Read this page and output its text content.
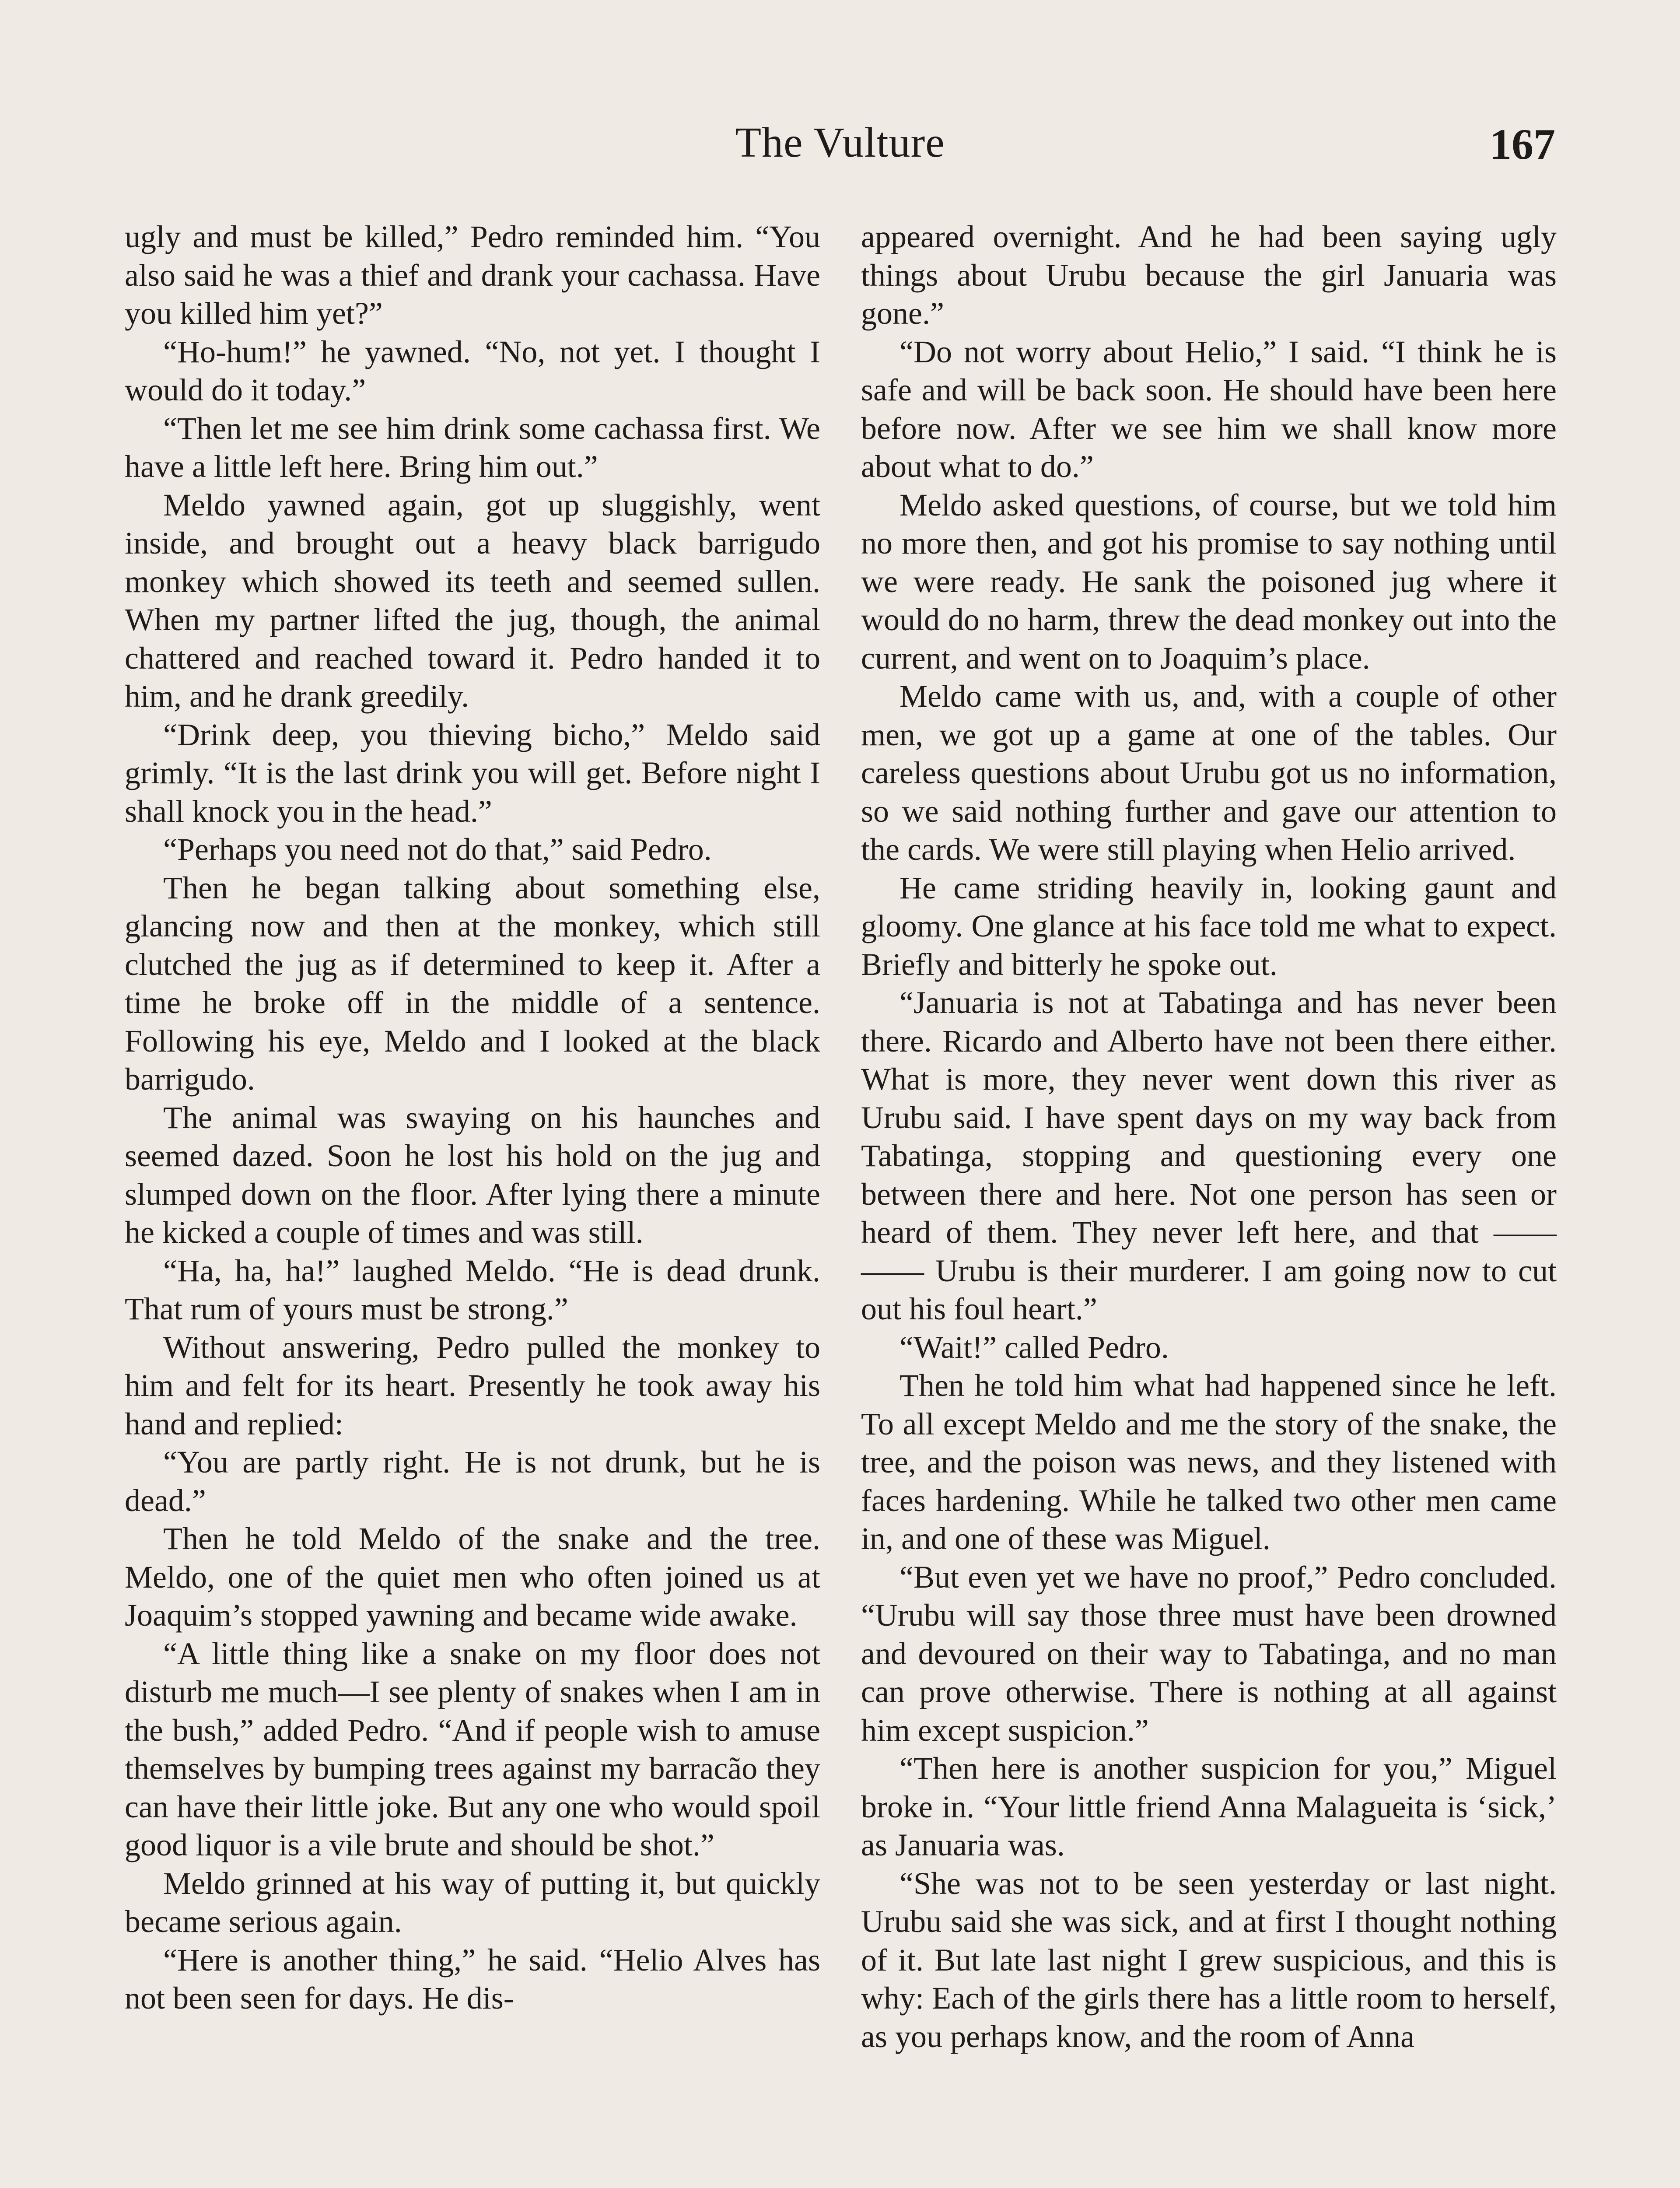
The Vulture	167

ugly and must be killed,” Pedro reminded him. “You also said he was a thief and drank your cachassa. Have you killed him yet?”

“Ho-hum!” he yawned. “No, not yet. I thought I would do it today.”

“Then let me see him drink some cachassa first. We have a little left here. Bring him out.”

Meldo yawned again, got up sluggishly, went inside, and brought out a heavy black barrigudo monkey which showed its teeth and seemed sullen. When my partner lifted the jug, though, the animal chattered and reached toward it. Pedro handed it to him, and he drank greedily.

“Drink deep, you thieving bicho,” Meldo said grimly. “It is the last drink you will get. Before night I shall knock you in the head.”

“Perhaps you need not do that,” said Pedro.

Then he began talking about something else, glancing now and then at the monkey, which still clutched the jug as if determined to keep it. After a time he broke off in the middle of a sentence. Following his eye, Meldo and I looked at the black barrigudo.

The animal was swaying on his haunches and seemed dazed. Soon he lost his hold on the jug and slumped down on the floor. After lying there a minute he kicked a couple of times and was still.

“Ha, ha, ha!” laughed Meldo. “He is dead drunk. That rum of yours must be strong.”

Without answering, Pedro pulled the monkey to him and felt for its heart. Presently he took away his hand and replied:

“You are partly right. He is not drunk, but he is dead.”

Then he told Meldo of the snake and the tree. Meldo, one of the quiet men who often joined us at Joaquim’s stopped yawning and became wide awake.

“A little thing like a snake on my floor does not disturb me much—I see plenty of snakes when I am in the bush,” added Pedro. “And if people wish to amuse themselves by bumping trees against my barracão they can have their little joke. But any one who would spoil good liquor is a vile brute and should be shot.”

Meldo grinned at his way of putting it, but quickly became serious again.

“Here is another thing,” he said. “Helio Alves has not been seen for days. He dis-

appeared overnight. And he had been saying ugly things about Urubu because the girl Januaria was gone.”

“Do not worry about Helio,” I said. “I think he is safe and will be back soon. He should have been here before now. After we see him we shall know more about what to do.”

Meldo asked questions, of course, but we told him no more then, and got his promise to say nothing until we were ready. He sank the poisoned jug where it would do no harm, threw the dead monkey out into the current, and went on to Joaquim’s place.

Meldo came with us, and, with a couple of other men, we got up a game at one of the tables. Our careless questions about Urubu got us no information, so we said nothing further and gave our attention to the cards. We were still playing when Helio arrived.

He came striding heavily in, looking gaunt and gloomy. One glance at his face told me what to expect. Briefly and bitterly he spoke out.

“Januaria is not at Tabatinga and has never been there. Ricardo and Alberto have not been there either. What is more, they never went down this river as Urubu said. I have spent days on my way back from Tabatinga, stopping and questioning every one between there and here. Not one person has seen or heard of them. They never left here, and that —— —— Urubu is their murderer. I am going now to cut out his foul heart.”

“Wait!” called Pedro.

Then he told him what had happened since he left. To all except Meldo and me the story of the snake, the tree, and the poison was news, and they listened with faces hardening. While he talked two other men came in, and one of these was Miguel.

“But even yet we have no proof,” Pedro concluded. “Urubu will say those three must have been drowned and devoured on their way to Tabatinga, and no man can prove otherwise. There is nothing at all against him except suspicion.”

“Then here is another suspicion for you,” Miguel broke in. “Your little friend Anna Malagueita is ‘sick,’ as Januaria was.

“She was not to be seen yesterday or last night. Urubu said she was sick, and at first I thought nothing of it. But late last night I grew suspicious, and this is why: Each of the girls there has a little room to herself, as you perhaps know, and the room of Anna
